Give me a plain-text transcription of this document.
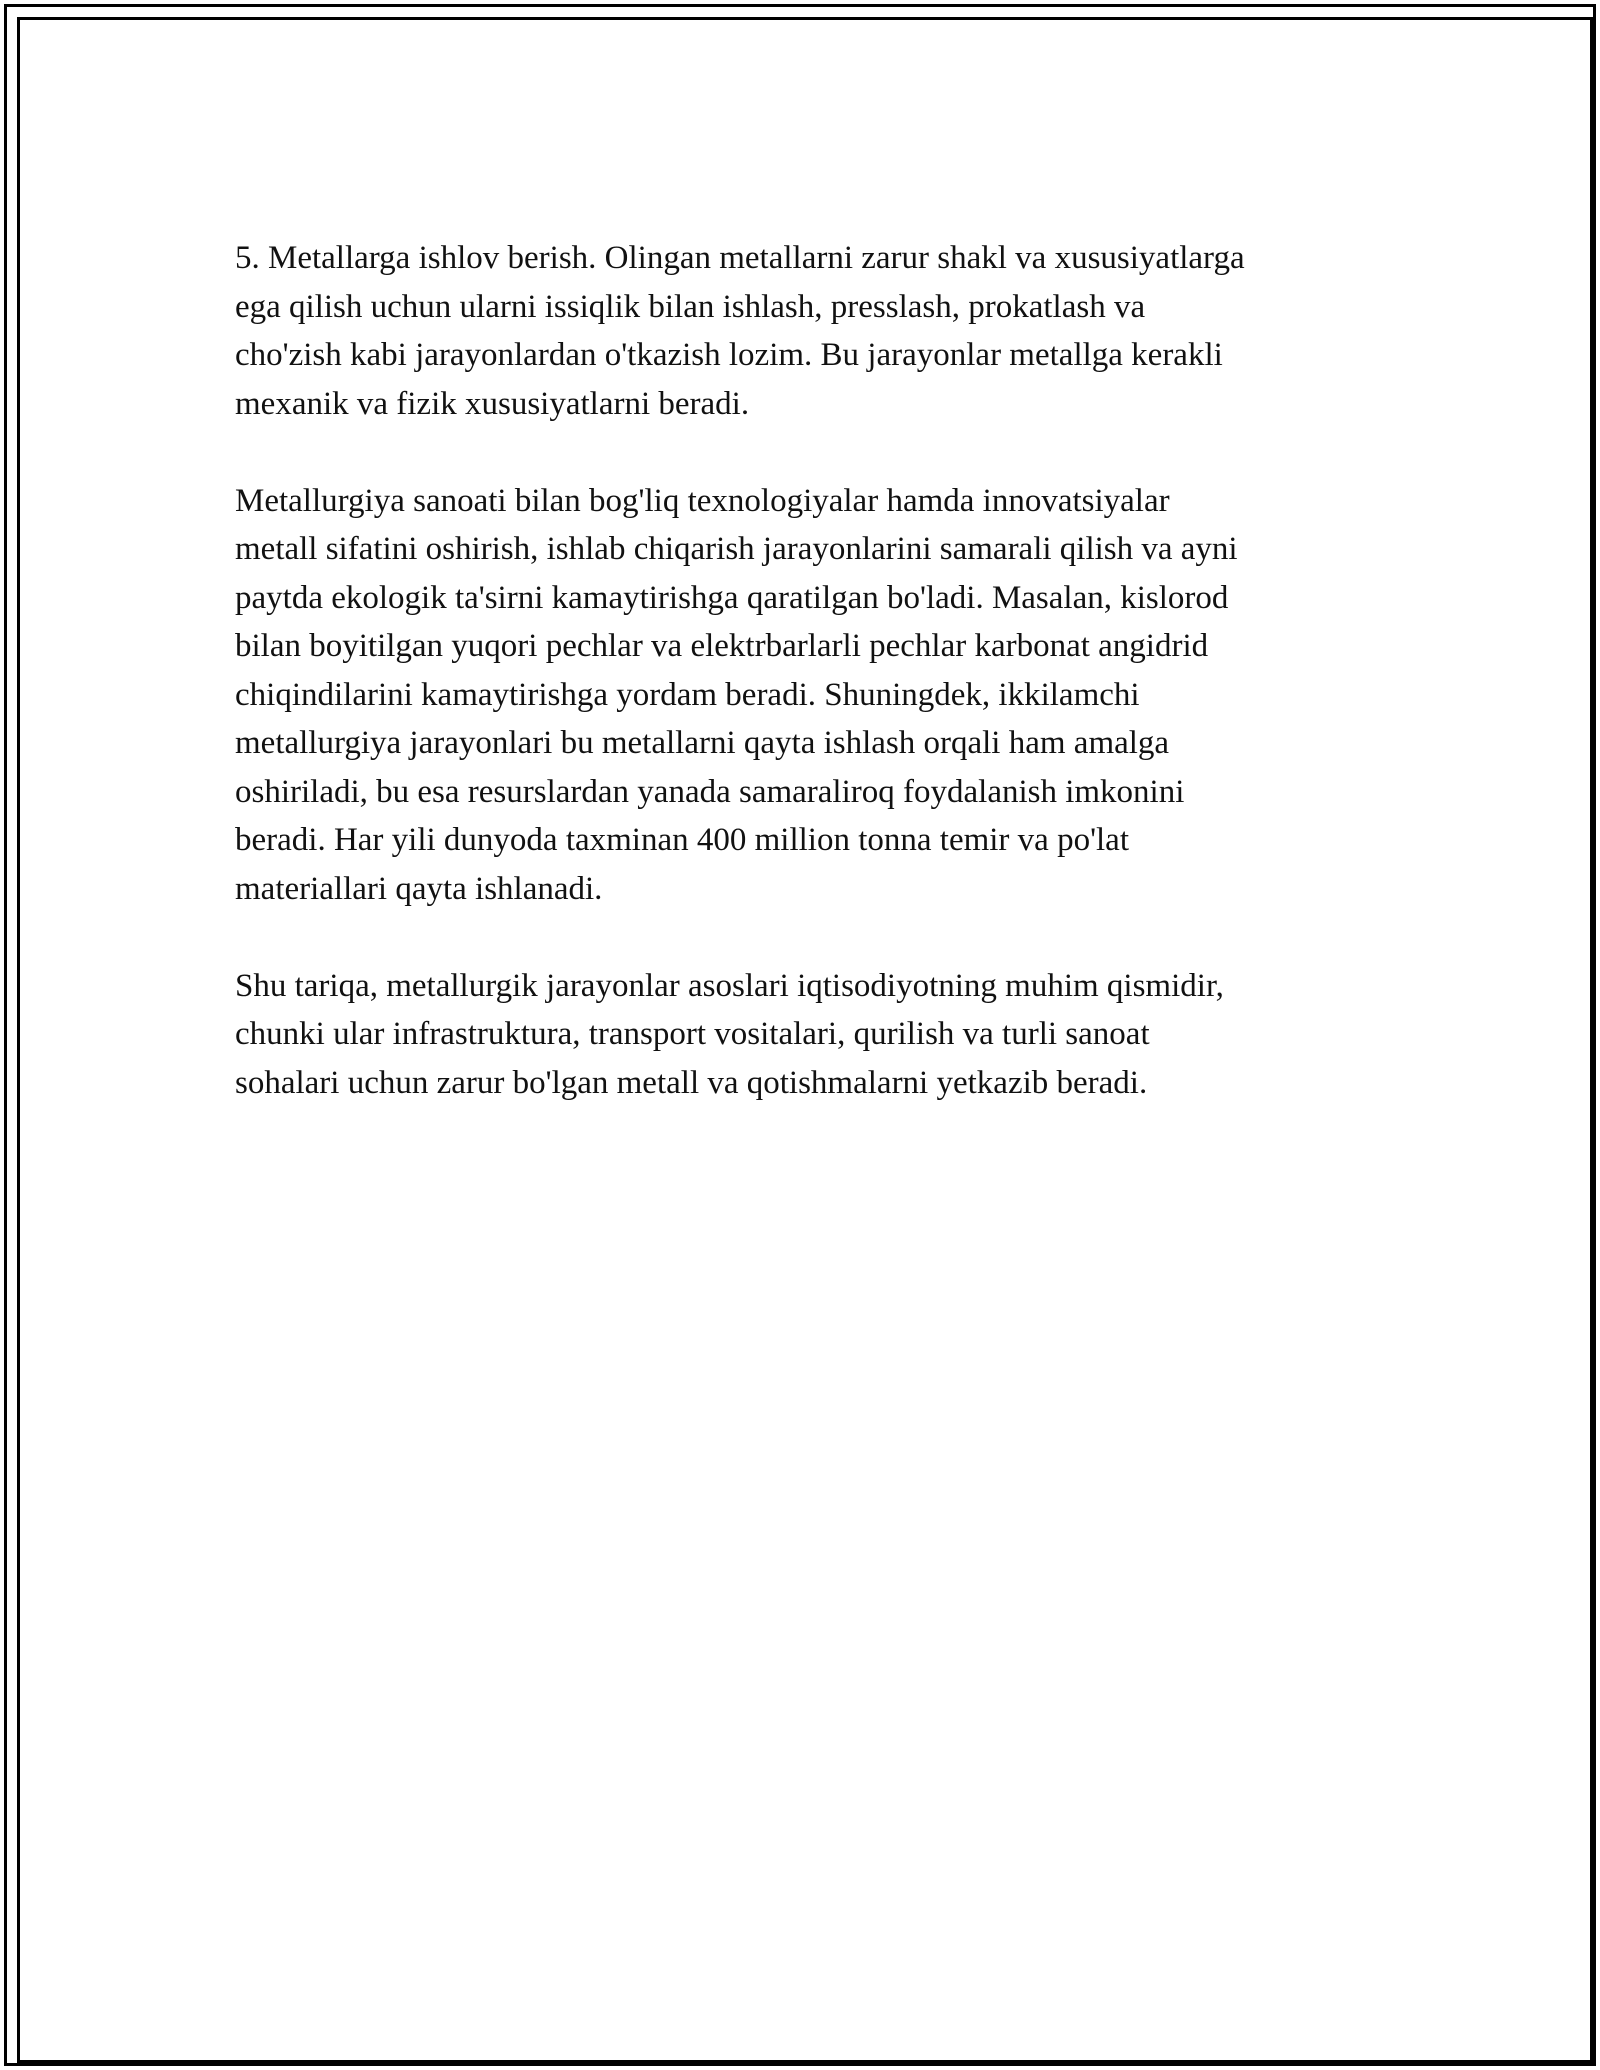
5. Metallarga ishlov berish. Olingan metallarni zarur shakl va xususiyatlarga
ega qilish uchun ularni issiqlik bilan ishlash, presslash, prokatlash va
cho'zish kabi jarayonlardan o'tkazish lozim. Bu jarayonlar metallga kerakli
mexanik va fizik xususiyatlarni beradi.

Metallurgiya sanoati bilan bog'liq texnologiyalar hamda innovatsiyalar
metall sifatini oshirish, ishlab chiqarish jarayonlarini samarali qilish va ayni
paytda ekologik ta'sirni kamaytirishga qaratilgan bo'ladi. Masalan, kislorod
bilan boyitilgan yuqori pechlar va elektrbarlarli pechlar karbonat angidrid
chiqindilarini kamaytirishga yordam beradi. Shuningdek, ikkilamchi
metallurgiya jarayonlari bu metallarni qayta ishlash orqali ham amalga
oshiriladi, bu esa resurslardan yanada samaraliroq foydalanish imkonini
beradi. Har yili dunyoda taxminan 400 million tonna temir va po'lat
materiallari qayta ishlanadi.

Shu tariqa, metallurgik jarayonlar asoslari iqtisodiyotning muhim qismidir,
chunki ular infrastruktura, transport vositalari, qurilish va turli sanoat
sohalari uchun zarur bo'lgan metall va qotishmalarni yetkazib beradi.
